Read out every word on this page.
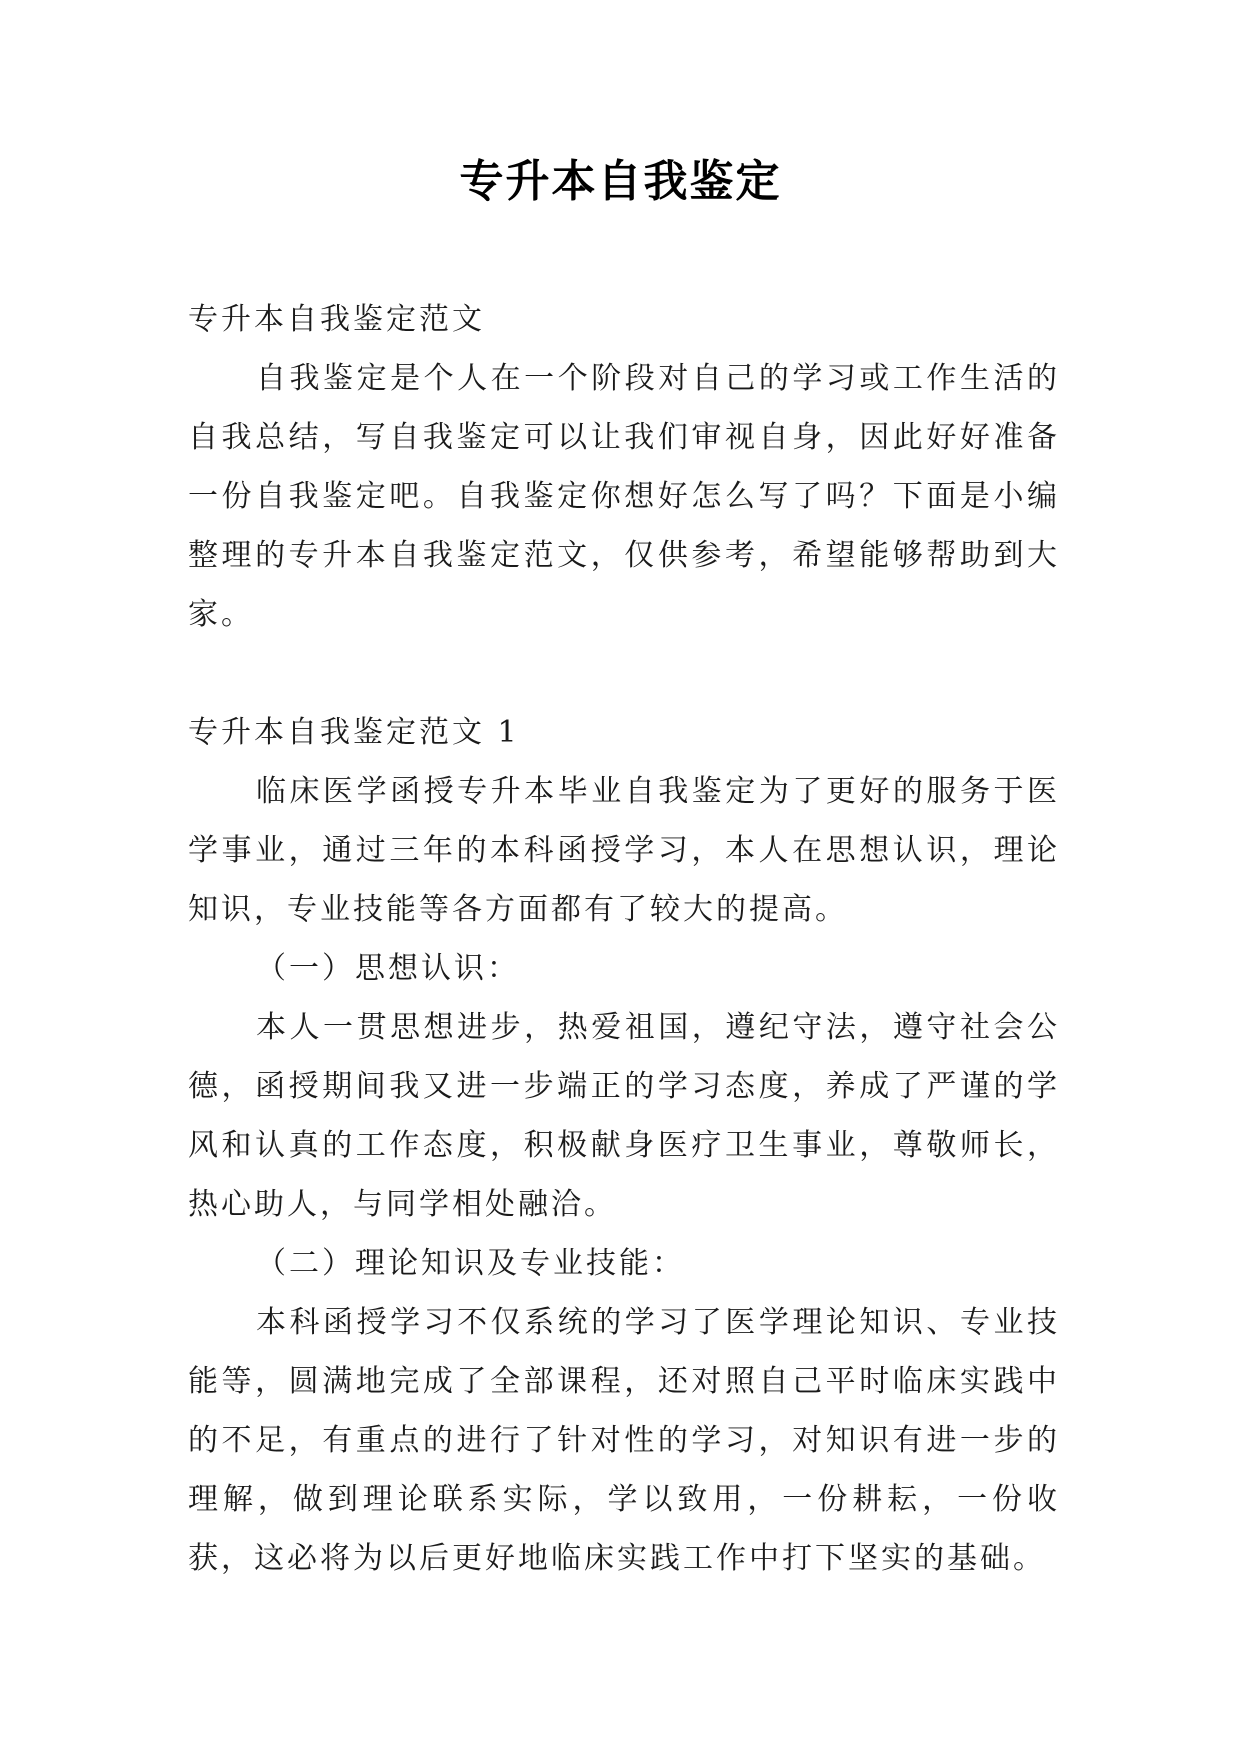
专升本自我鉴定

专升本自我鉴定范文

自我鉴定是个人在一个阶段对自己的学习或工作生活的自我总结，写自我鉴定可以让我们审视自身，因此好好准备一份自我鉴定吧。自我鉴定你想好怎么写了吗？下面是小编整理的专升本自我鉴定范文，仅供参考，希望能够帮助到大家。

专升本自我鉴定范文 1

临床医学函授专升本毕业自我鉴定为了更好的服务于医学事业，通过三年的本科函授学习，本人在思想认识，理论知识，专业技能等各方面都有了较大的提高。

（一）思想认识：

本人一贯思想进步，热爱祖国，遵纪守法，遵守社会公德，函授期间我又进一步端正的学习态度，养成了严谨的学风和认真的工作态度，积极献身医疗卫生事业，尊敬师长，热心助人，与同学相处融洽。

（二）理论知识及专业技能：

本科函授学习不仅系统的学习了医学理论知识、专业技能等，圆满地完成了全部课程，还对照自己平时临床实践中的不足，有重点的进行了针对性的学习，对知识有进一步的理解，做到理论联系实际，学以致用，一份耕耘，一份收获，这必将为以后更好地临床实践工作中打下坚实的基础。
